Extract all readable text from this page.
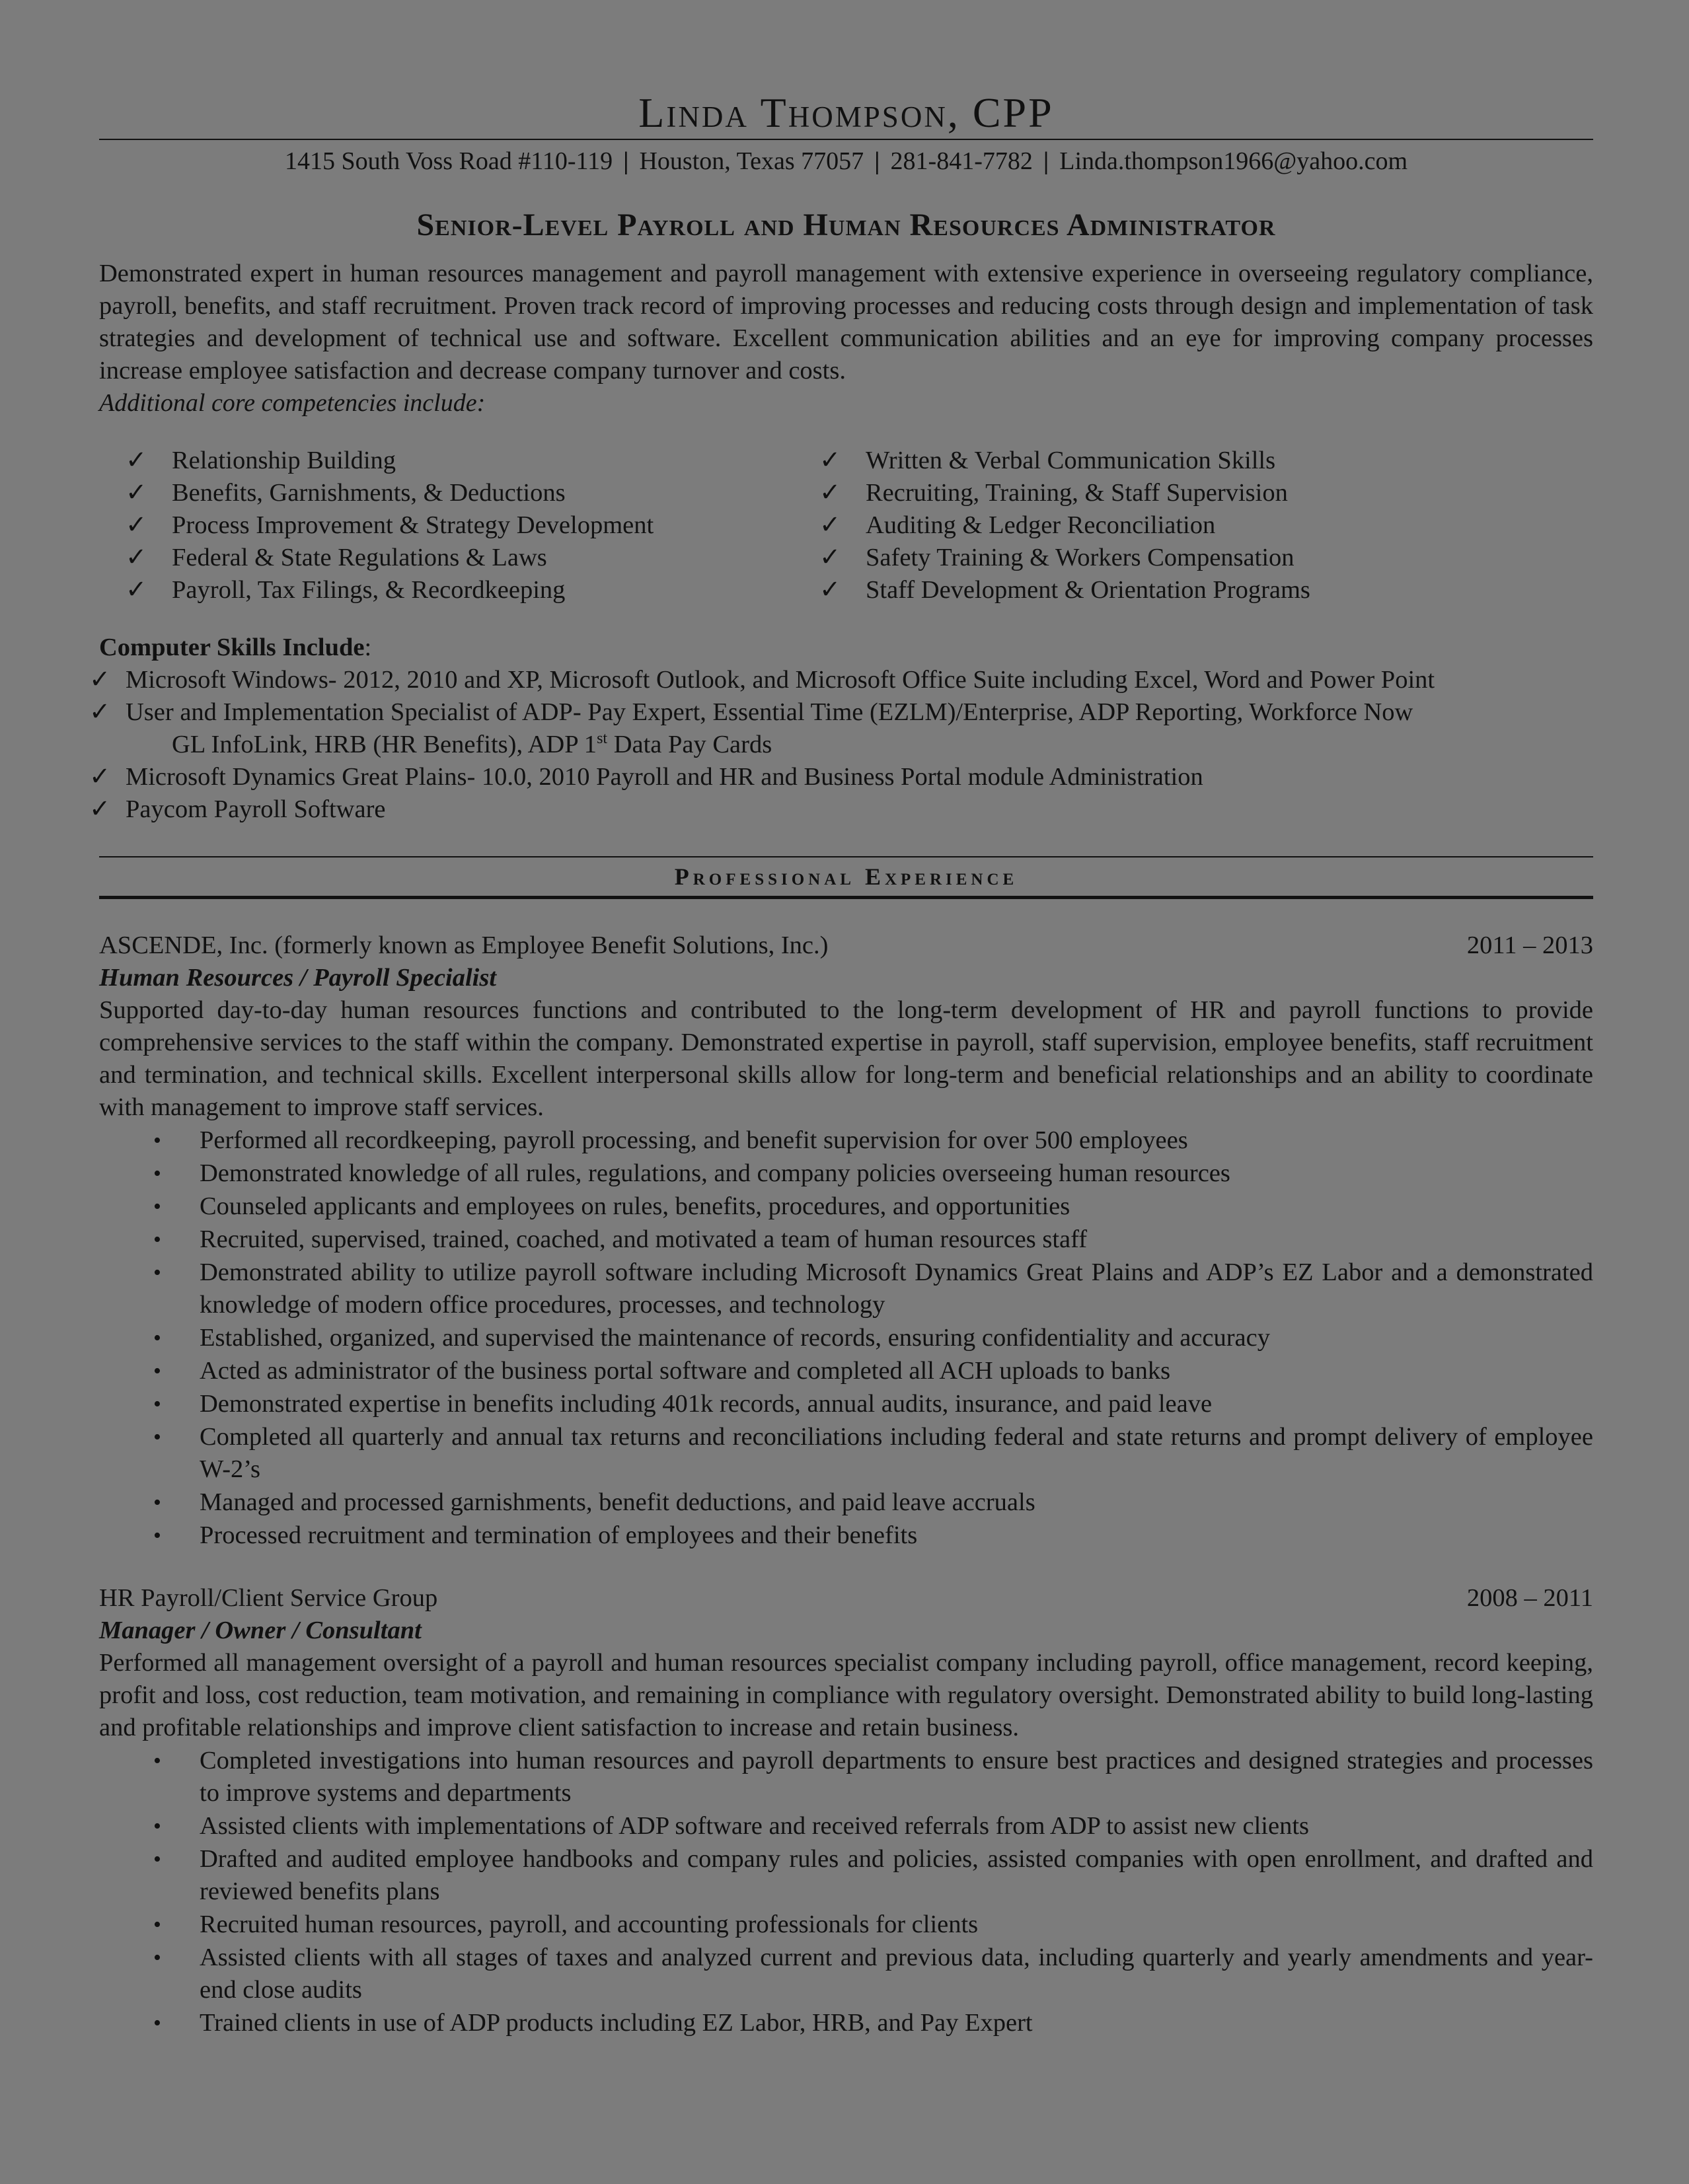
Linda Thompson, CPP
1415 South Voss Road #110-119 | Houston, Texas 77057 | 281-841-7782 | Linda.thompson1966@yahoo.com
Senior-Level Payroll and Human Resources Administrator

Demonstrated expert in human resources management and payroll management with extensive experience in overseeing regulatory compliance, payroll, benefits, and staff recruitment. Proven track record of improving processes and reducing costs through design and implementation of task strategies and development of technical use and software. Excellent communication abilities and an eye for improving company processes increase employee satisfaction and decrease company turnover and costs.

Additional core competencies include:

✓ Relationship Building
✓ Benefits, Garnishments, & Deductions
✓ Process Improvement & Strategy Development
✓ Federal & State Regulations & Laws
✓ Payroll, Tax Filings, & Recordkeeping
✓ Written & Verbal Communication Skills
✓ Recruiting, Training, & Staff Supervision
✓ Auditing & Ledger Reconciliation
✓ Safety Training & Workers Compensation
✓ Staff Development & Orientation Programs
Computer Skills Include:
✓ Microsoft Windows- 2012, 2010 and XP, Microsoft Outlook, and Microsoft Office Suite including Excel, Word and Power Point
✓ User and Implementation Specialist of ADP- Pay Expert, Essential Time (EZLM)/Enterprise, ADP Reporting, Workforce Now
GL InfoLink, HRB (HR Benefits), ADP 1st Data Pay Cards
✓ Microsoft Dynamics Great Plains- 10.0, 2010 Payroll and HR and Business Portal module Administration
✓ Paycom Payroll Software
Professional Experience
ASCENDE, Inc. (formerly known as Employee Benefit Solutions, Inc.)	2011 – 2013
Human Resources / Payroll Specialist

Supported day-to-day human resources functions and contributed to the long-term development of HR and payroll functions to provide comprehensive services to the staff within the company. Demonstrated expertise in payroll, staff supervision, employee benefits, staff recruitment and termination, and technical skills. Excellent interpersonal skills allow for long-term and beneficial relationships and an ability to coordinate with management to improve staff services.

• Performed all recordkeeping, payroll processing, and benefit supervision for over 500 employees
• Demonstrated knowledge of all rules, regulations, and company policies overseeing human resources
• Counseled applicants and employees on rules, benefits, procedures, and opportunities
• Recruited, supervised, trained, coached, and motivated a team of human resources staff
• Demonstrated ability to utilize payroll software including Microsoft Dynamics Great Plains and ADP’s EZ Labor and a demonstrated knowledge of modern office procedures, processes, and technology
• Established, organized, and supervised the maintenance of records, ensuring confidentiality and accuracy
• Acted as administrator of the business portal software and completed all ACH uploads to banks
• Demonstrated expertise in benefits including 401k records, annual audits, insurance, and paid leave
• Completed all quarterly and annual tax returns and reconciliations including federal and state returns and prompt delivery of employee W-2’s
• Managed and processed garnishments, benefit deductions, and paid leave accruals
• Processed recruitment and termination of employees and their benefits
HR Payroll/Client Service Group	2008 – 2011
Manager / Owner / Consultant

Performed all management oversight of a payroll and human resources specialist company including payroll, office management, record keeping, profit and loss, cost reduction, team motivation, and remaining in compliance with regulatory oversight. Demonstrated ability to build long-lasting and profitable relationships and improve client satisfaction to increase and retain business.

• Completed investigations into human resources and payroll departments to ensure best practices and designed strategies and processes to improve systems and departments
• Assisted clients with implementations of ADP software and received referrals from ADP to assist new clients
• Drafted and audited employee handbooks and company rules and policies, assisted companies with open enrollment, and drafted and reviewed benefits plans
• Recruited human resources, payroll, and accounting professionals for clients
• Assisted clients with all stages of taxes and analyzed current and previous data, including quarterly and yearly amendments and year-end close audits
• Trained clients in use of ADP products including EZ Labor, HRB, and Pay Expert
